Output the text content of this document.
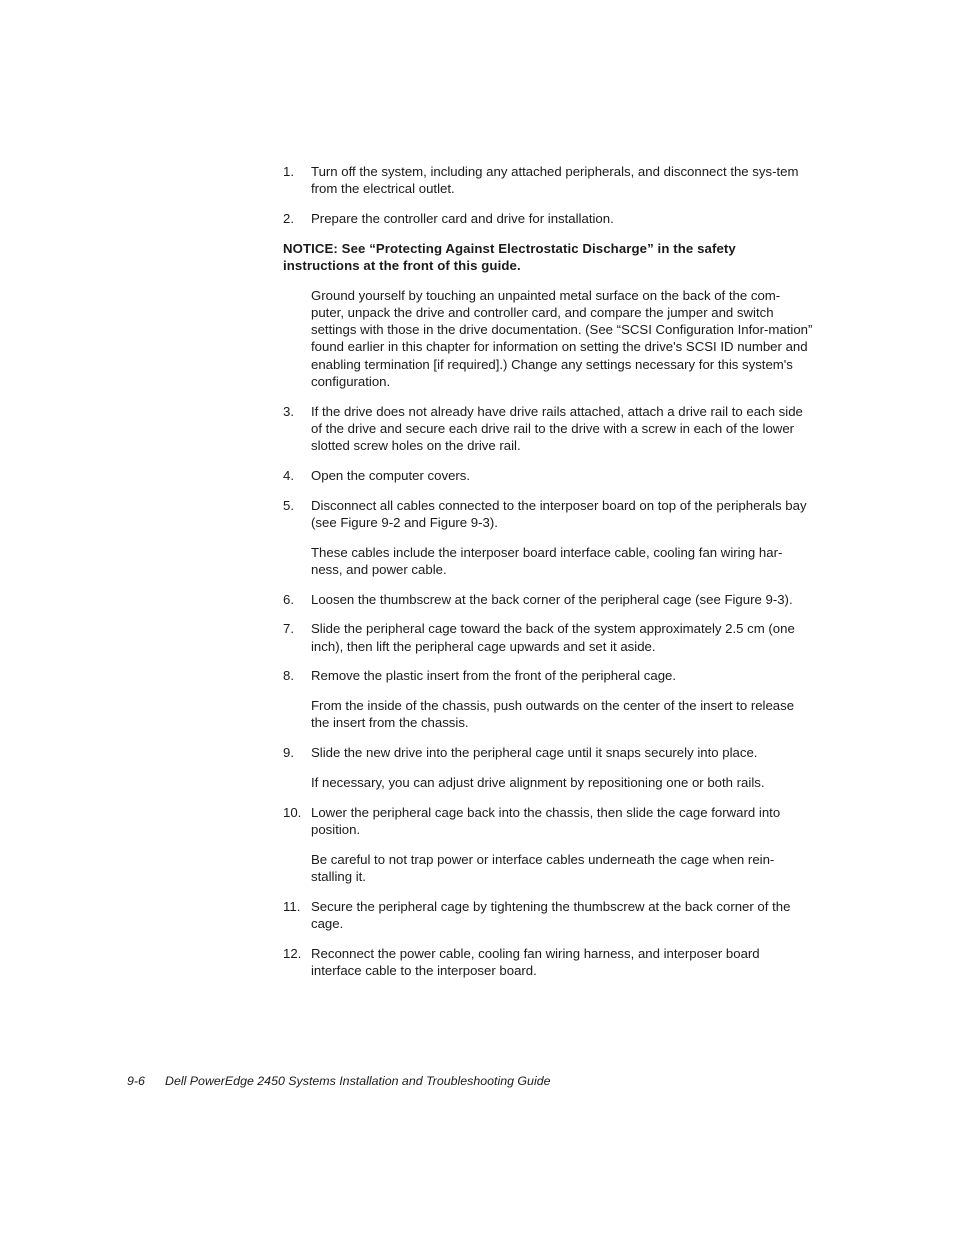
1. Turn off the system, including any attached peripherals, and disconnect the sys-tem from the electrical outlet.
2. Prepare the controller card and drive for installation.
NOTICE: See “Protecting Against Electrostatic Discharge” in the safety instructions at the front of this guide.
Ground yourself by touching an unpainted metal surface on the back of the com-puter, unpack the drive and controller card, and compare the jumper and switch settings with those in the drive documentation. (See “SCSI Configuration Infor-mation” found earlier in this chapter for information on setting the drive's SCSI ID number and enabling termination [if required].) Change any settings necessary for this system's configuration.
3. If the drive does not already have drive rails attached, attach a drive rail to each side of the drive and secure each drive rail to the drive with a screw in each of the lower slotted screw holes on the drive rail.
4. Open the computer covers.
5. Disconnect all cables connected to the interposer board on top of the peripherals bay (see Figure 9-2 and Figure 9-3).
These cables include the interposer board interface cable, cooling fan wiring har-ness, and power cable.
6. Loosen the thumbscrew at the back corner of the peripheral cage (see Figure 9-3).
7. Slide the peripheral cage toward the back of the system approximately 2.5 cm (one inch), then lift the peripheral cage upwards and set it aside.
8. Remove the plastic insert from the front of the peripheral cage.
From the inside of the chassis, push outwards on the center of the insert to release the insert from the chassis.
9. Slide the new drive into the peripheral cage until it snaps securely into place.
If necessary, you can adjust drive alignment by repositioning one or both rails.
10. Lower the peripheral cage back into the chassis, then slide the cage forward into position.
Be careful to not trap power or interface cables underneath the cage when rein-stalling it.
11. Secure the peripheral cage by tightening the thumbscrew at the back corner of the cage.
12. Reconnect the power cable, cooling fan wiring harness, and interposer board interface cable to the interposer board.
9-6 Dell PowerEdge 2450 Systems Installation and Troubleshooting Guide
